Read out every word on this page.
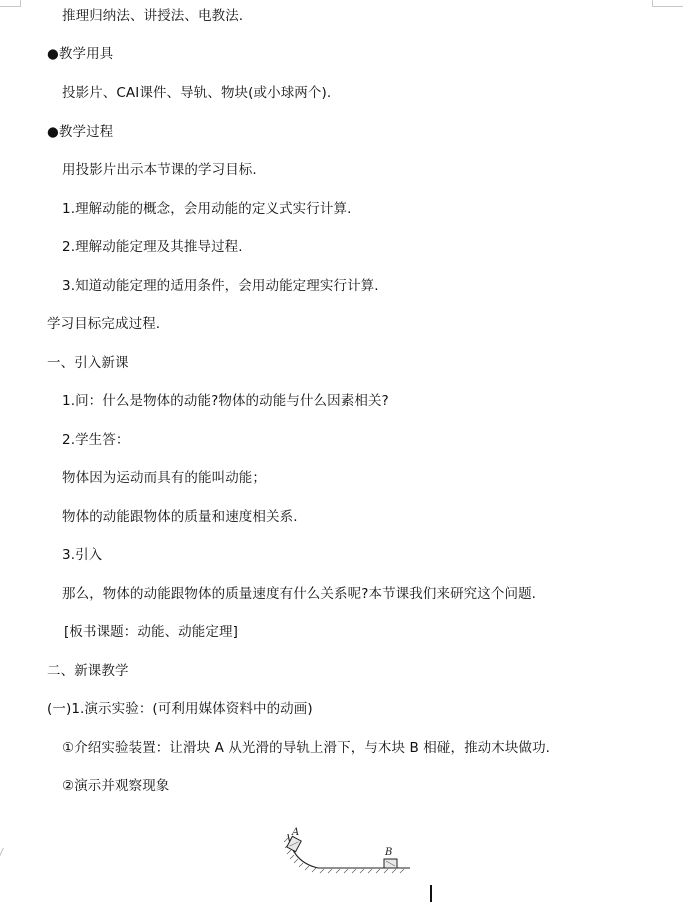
推理归纳法、讲授法、电教法.
●教学用具
投影片、CAI课件、导轨、物块(或小球两个).
●教学过程
用投影片出示本节课的学习目标.
1.理解动能的概念，会用动能的定义式实行计算.
2.理解动能定理及其推导过程.
3.知道动能定理的适用条件，会用动能定理实行计算.
学习目标完成过程.
一、引入新课
1.问：什么是物体的动能?物体的动能与什么因素相关?
2.学生答：
物体因为运动而具有的能叫动能；
物体的动能跟物体的质量和速度相关系.
3.引入
那么，物体的动能跟物体的质量速度有什么关系呢?本节课我们来研究这个问题.
[板书课题：动能、动能定理]
二、新课教学
(一)1.演示实验：(可利用媒体资料中的动画)
①介绍实验装置：让滑块 A 从光滑的导轨上滑下，与木块 B 相碰，推动木块做功.
②演示并观察现象
A
B
